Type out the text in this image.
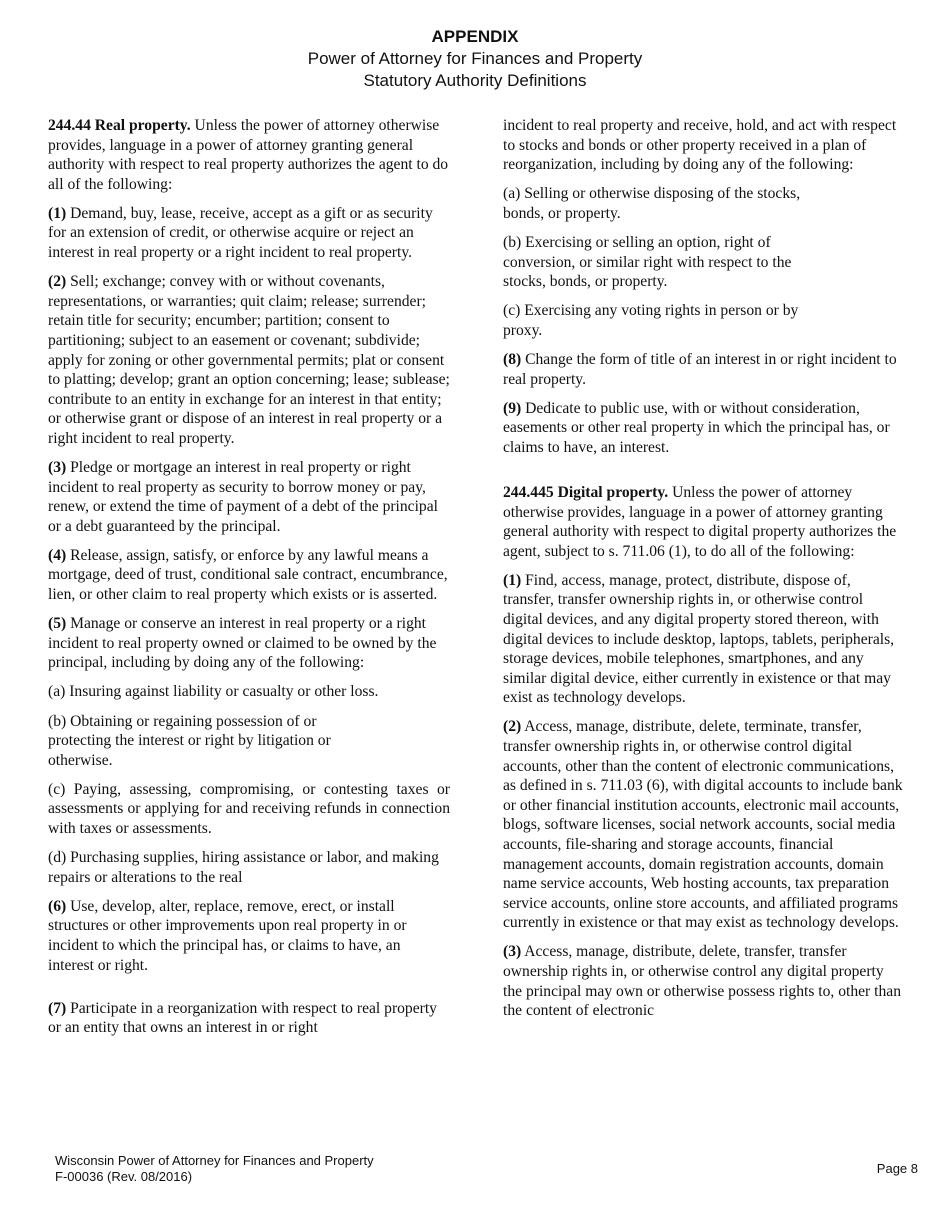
APPENDIX
Power of Attorney for Finances and Property
Statutory Authority Definitions

244.44 Real property. Unless the power of attorney otherwise provides, language in a power of attorney granting general authority with respect to real property authorizes the agent to do all of the following:

(1) Demand, buy, lease, receive, accept as a gift or as security for an extension of credit, or otherwise acquire or reject an interest in real property or a right incident to real property.

(2) Sell; exchange; convey with or without covenants, representations, or warranties; quit claim; release; surrender; retain title for security; encumber; partition; consent to partitioning; subject to an easement or covenant; subdivide; apply for zoning or other governmental permits; plat or consent to platting; develop; grant an option concerning; lease; sublease; contribute to an entity in exchange for an interest in that entity; or otherwise grant or dispose of an interest in real property or a right incident to real property.

(3) Pledge or mortgage an interest in real property or right incident to real property as security to borrow money or pay, renew, or extend the time of payment of a debt of the principal or a debt guaranteed by the principal.

(4) Release, assign, satisfy, or enforce by any lawful means a mortgage, deed of trust, conditional sale contract, encumbrance, lien, or other claim to real property which exists or is asserted.

(5) Manage or conserve an interest in real property or a right incident to real property owned or claimed to be owned by the principal, including by doing any of the following:

(a) Insuring against liability or casualty or other loss.

(b) Obtaining or regaining possession of or protecting the interest or right by litigation or otherwise.

(c) Paying, assessing, compromising, or contesting taxes or assessments or applying for and receiving refunds in connection with taxes or assessments.

(d) Purchasing supplies, hiring assistance or labor, and making repairs or alterations to the real

(6) Use, develop, alter, replace, remove, erect, or install structures or other improvements upon real property in or incident to which the principal has, or claims to have, an interest or right.

(7) Participate in a reorganization with respect to real property or an entity that owns an interest in or right

incident to real property and receive, hold, and act with respect to stocks and bonds or other property received in a plan of reorganization, including by doing any of the following:

(a) Selling or otherwise disposing of the stocks, bonds, or property.

(b) Exercising or selling an option, right of conversion, or similar right with respect to the stocks, bonds, or property.

(c) Exercising any voting rights in person or by proxy.

(8) Change the form of title of an interest in or right incident to real property.

(9) Dedicate to public use, with or without consideration, easements or other real property in which the principal has, or claims to have, an interest.

244.445 Digital property. Unless the power of attorney otherwise provides, language in a power of attorney granting general authority with respect to digital property authorizes the agent, subject to s. 711.06 (1), to do all of the following:

(1) Find, access, manage, protect, distribute, dispose of, transfer, transfer ownership rights in, or otherwise control digital devices, and any digital property stored thereon, with digital devices to include desktop, laptops, tablets, peripherals, storage devices, mobile telephones, smartphones, and any similar digital device, either currently in existence or that may exist as technology develops.

(2) Access, manage, distribute, delete, terminate, transfer, transfer ownership rights in, or otherwise control digital accounts, other than the content of electronic communications, as defined in s. 711.03 (6), with digital accounts to include bank or other financial institution accounts, electronic mail accounts, blogs, software licenses, social network accounts, social media accounts, file-sharing and storage accounts, financial management accounts, domain registration accounts, domain name service accounts, Web hosting accounts, tax preparation service accounts, online store accounts, and affiliated programs currently in existence or that may exist as technology develops.

(3) Access, manage, distribute, delete, transfer, transfer ownership rights in, or otherwise control any digital property the principal may own or otherwise possess rights to, other than the content of electronic

Wisconsin Power of Attorney for Finances and Property
F-00036 (Rev. 08/2016)
Page 8
